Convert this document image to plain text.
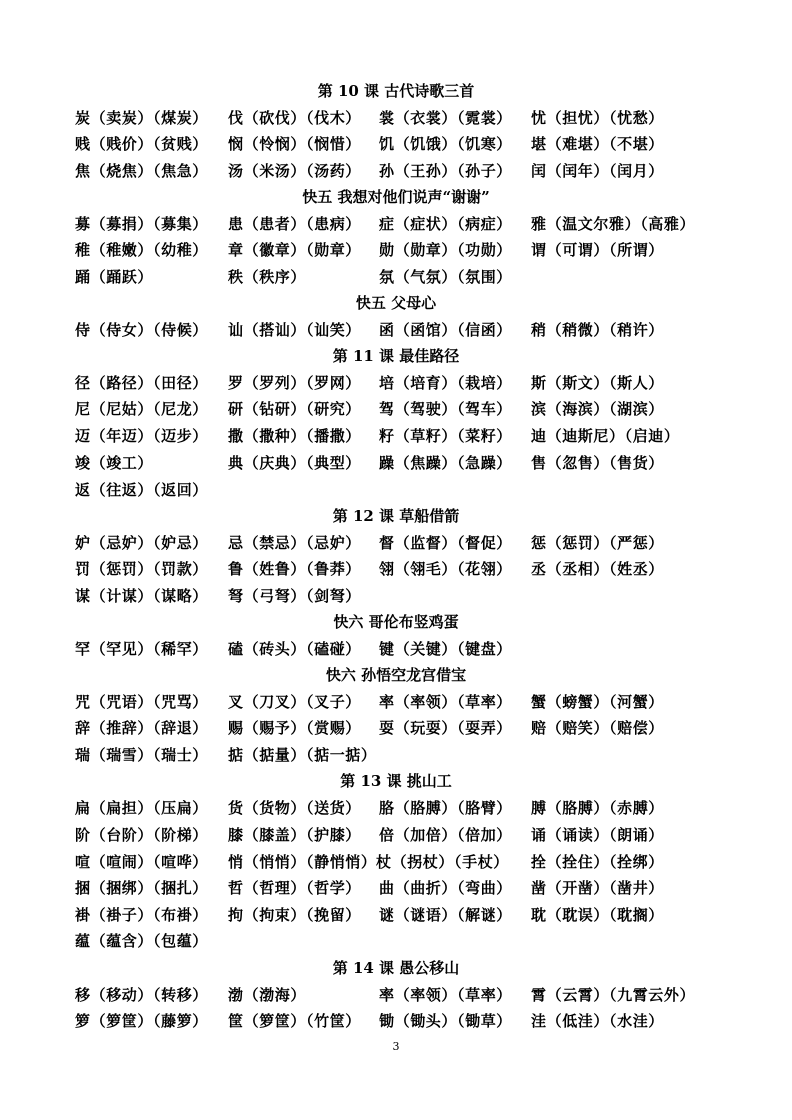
第 10 课 古代诗歌三首
炭（卖炭）（煤炭） 伐（砍伐）（伐木） 裳（衣裳）（霓裳） 忧（担忧）（忧愁）
贱（贱价）（贫贱） 悯（怜悯）（悯惜） 饥（饥饿）（饥寒） 堪（难堪）（不堪）
焦（烧焦）（焦急） 汤（米汤）（汤药） 孙（王孙）（孙子） 闰（闰年）（闰月）
快五 我想对他们说声“谢谢”
募（募捐）（募集） 患（患者）（患病） 症（症状）（病症） 雅（温文尔雅）（高雅）
稚（稚嫩）（幼稚） 章（徽章）（勋章） 勋（勋章）（功勋） 谓（可谓）（所谓）
踊（踊跃）	秩（秩序）	氛（气氛）（氛围）
快五 父母心
侍（侍女）（侍候） 讪（搭讪）（讪笑） 函（函馆）（信函） 稍（稍微）（稍许）
第 11 课 最佳路径
径（路径）（田径） 罗（罗列）（罗网） 培（培育）（栽培） 斯（斯文）（斯人）
尼（尼姑）（尼龙） 研（钻研）（研究） 驾（驾驶）（驾车） 滨（海滨）（湖滨）
迈（年迈）（迈步） 撒（撒种）（播撒） 籽（草籽）（菜籽） 迪（迪斯尼）（启迪）
竣（竣工）	典（庆典）（典型） 躁（焦躁）（急躁） 售（忽售）（售货）
返（往返）（返回）
第 12 课 草船借箭
妒（忌妒）（妒忌） 忌（禁忌）（忌妒） 督（监督）（督促） 惩（惩罚）（严惩）
罚（惩罚）（罚款） 鲁（姓鲁）（鲁莽） 翎（翎毛）（花翎） 丞（丞相）（姓丞）
谋（计谋）（谋略） 弩（弓弩）（剑弩）
快六 哥伦布竖鸡蛋
罕（罕见）（稀罕） 磕（砖头）（磕碰） 键（关键）（键盘）
快六 孙悟空龙宫借宝
咒（咒语）（咒骂） 叉（刀叉）（叉子） 率（率领）（草率） 蟹（螃蟹）（河蟹）
辞（推辞）（辞退） 赐（赐予）（赏赐） 耍（玩耍）（耍弄） 赔（赔笑）（赔偿）
瑞（瑞雪）（瑞士） 掂（掂量）（掂一掂）
第 13 课 挑山工
扁（扁担）（压扁） 货（货物）（送货） 胳（胳膊）（胳臂） 膊（胳膊）（赤膊）
阶（台阶）（阶梯） 膝（膝盖）（护膝） 倍（加倍）（倍加） 诵（诵读）（朗诵）
喧（喧闹）（喧哗） 悄（悄悄）（静悄悄） 杖（拐杖）（手杖） 拴（拴住）（拴绑）
捆（捆绑）（捆扎） 哲（哲理）（哲学） 曲（曲折）（弯曲） 凿（开凿）（凿井）
褂（褂子）（布褂） 拘（拘束）（挽留） 谜（谜语）（解谜） 耽（耽误）（耽搁）
蕴（蕴含）（包蕴）
第 14 课 愚公移山
移（移动）（转移） 渤（渤海）	率（率领）（草率） 霄（云霄）（九霄云外）
箩（箩筐）（藤箩） 筐（箩筐）（竹筐） 锄（锄头）（锄草） 洼（低洼）（水洼）
3
